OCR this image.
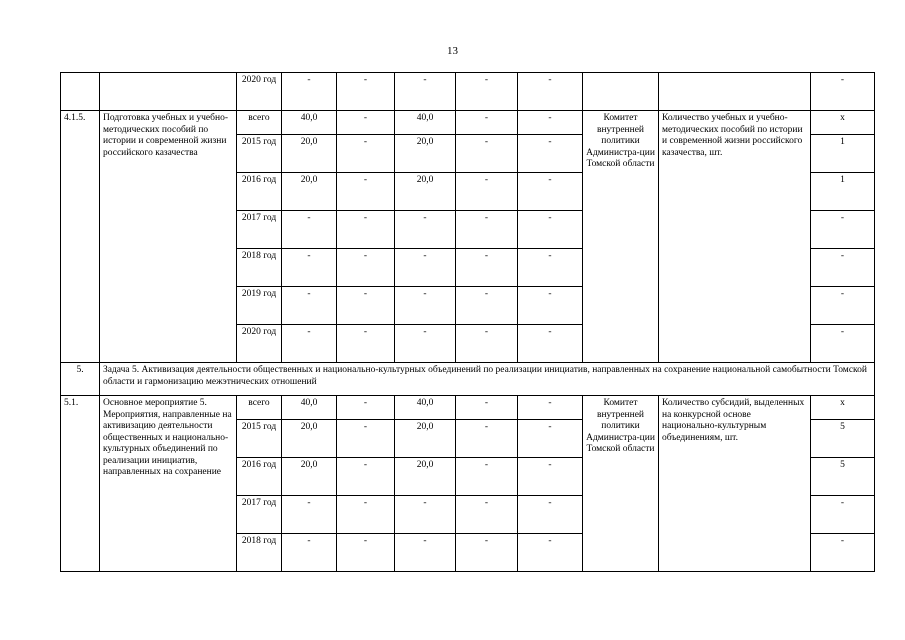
13
		2020 год	-	-	-	-	-			-
4.1.5.	Подготовка учебных и учебно-методических пособий по истории и современной жизни российского казачества	всего	40,0	-	40,0	-	-	Комитет внутренней политики Администра-ции Томской области	Количество учебных и учебно-методических пособий по истории и современной жизни российского казачества, шт.	x
		2015 год	20,0	-	20,0	-	-			1
		2016 год	20,0	-	20,0	-	-			1
		2017 год	-	-	-	-	-			-
		2018 год	-	-	-	-	-			-
		2019 год	-	-	-	-	-			-
		2020 год	-	-	-	-	-			-
5.	Задача 5. Активизация деятельности общественных и национально-культурных объединений по реализации инициатив, направленных на сохранение национальной самобытности Томской области и гармонизацию межэтнических отношений									
5.1.	Основное мероприятие 5. Мероприятия, направленные на активизацию деятельности общественных и национально-культурных объединений по реализации инициатив, направленных на сохранение	всего	40,0	-	40,0	-	-	Комитет внутренней политики Администра-ции Томской области	Количество субсидий, выделенных на конкурсной основе национально-культурным объединениям, шт.	x
		2015 год	20,0	-	20,0	-	-			5
		2016 год	20,0	-	20,0	-	-			5
		2017 год	-	-	-	-	-			-
		2018 год	-	-	-	-	-			-
